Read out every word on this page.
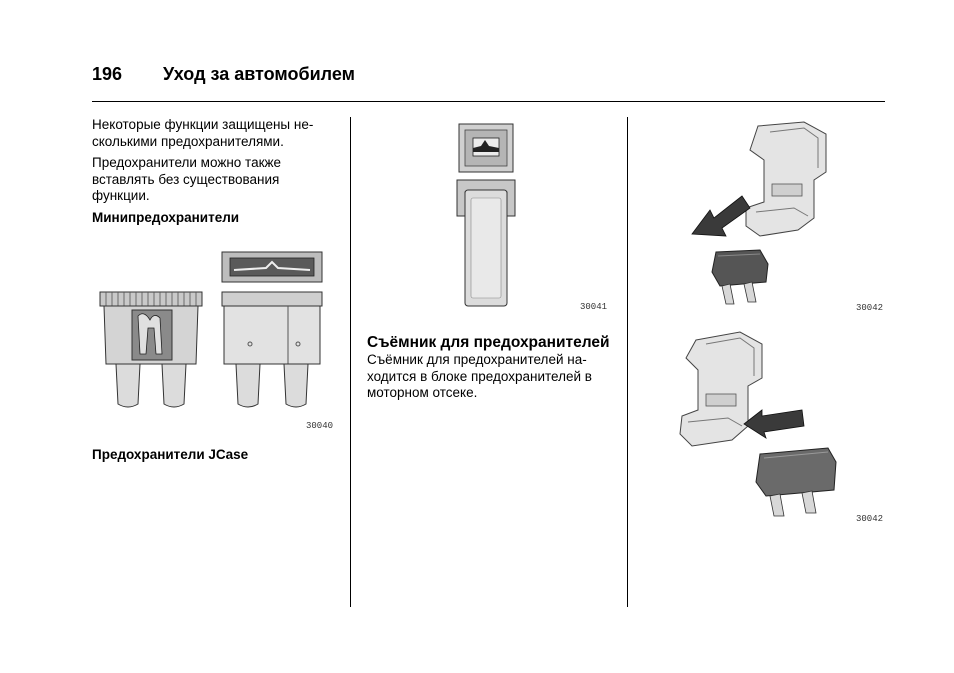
196 Уход за автомобилем

Некоторые функции защищены не-сколькими предохранителями.

Предохранители можно также вставлять без существования функции.

Минипредохранители
30040
Предохранители JCase
30041
Съёмник для предохранителей

Съёмник для предохранителей на-ходится в блоке предохранителей в моторном отсеке.

30042
30042
